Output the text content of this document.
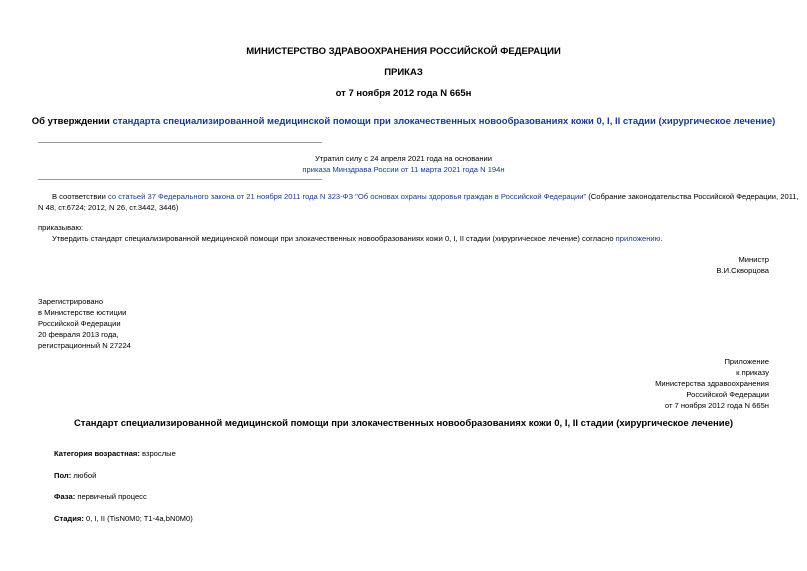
МИНИСТЕРСТВО ЗДРАВООХРАНЕНИЯ РОССИЙСКОЙ ФЕДЕРАЦИИ
ПРИКАЗ
от 7 ноября 2012 года N 665н
Об утверждении стандарта специализированной медицинской помощи при злокачественных новообразованиях кожи 0, I, II стадии (хирургическое лечение)
Утратил силу с 24 апреля 2021 года на основании
приказа Минздрава России от 11 марта 2021 года N 194н
В соответствии со статьей 37 Федерального закона от 21 ноября 2011 года N 323-ФЗ "Об основах охраны здоровья граждан в Российской Федерации" (Собрание законодательства Российской Федерации, 2011,
N 48, ст.6724; 2012, N 26, ст.3442, 3446)
приказываю:
Утвердить стандарт специализированной медицинской помощи при злокачественных новообразованиях кожи 0, I, II стадии (хирургическое лечение) согласно приложению.
Министр
В.И.Скворцова
Зарегистрировано
в Министерстве юстиции
Российской Федерации
20 февраля 2013 года,
регистрационный N 27224
Приложение
к приказу
Министерства здравоохранения
Российской Федерации
от 7 ноября 2012 года N 665н
Стандарт специализированной медицинской помощи при злокачественных новообразованиях кожи 0, I, II стадии (хирургическое лечение)
Категория возрастная: взрослые
Пол: любой
Фаза: первичный процесс
Стадия: 0, I, II (TisN0M0; T1-4a,bN0M0)
